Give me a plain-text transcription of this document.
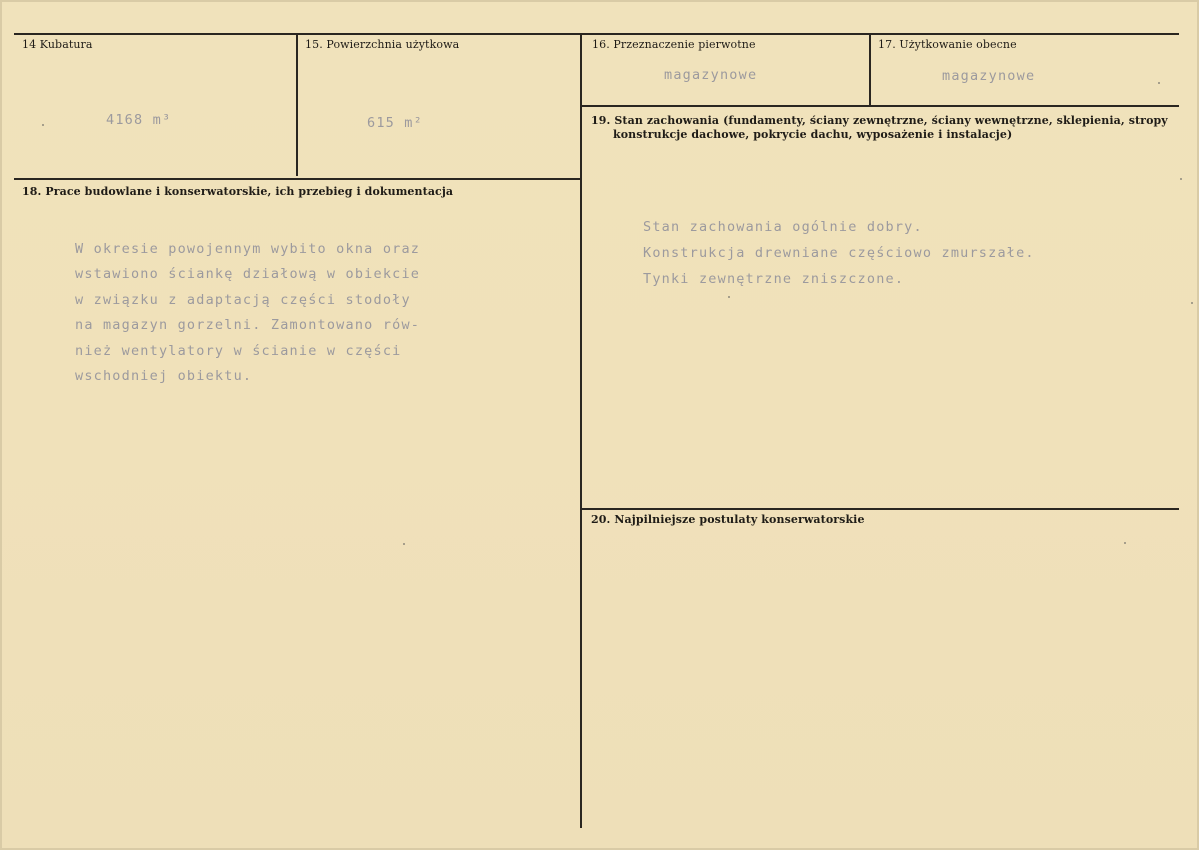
14 Kubatura
4168 m³
15. Powierzchnia użytkowa
615 m²
16. Przeznaczenie pierwotne
magazynowe
17. Użytkowanie obecne
magazynowe
19. Stan zachowania (fundamenty, ściany zewnętrzne, ściany wewnętrzne, sklepienia, stropy
konstrukcje dachowe, pokrycie dachu, wyposażenie i instalacje)
Stan zachowania ogólnie dobry.
Konstrukcja drewniane częściowo zmurszałe.
Tynki zewnętrzne zniszczone.
18. Prace budowlane i konserwatorskie, ich przebieg i dokumentacja
W okresie powojennym wybito okna oraz
wstawiono ściankę działową w obiekcie
w związku z adaptacją części stodoły
na magazyn gorzelni. Zamontowano rów-
nież wentylatory w ścianie w części
wschodniej obiektu.
20. Najpilniejsze postulaty konserwatorskie
